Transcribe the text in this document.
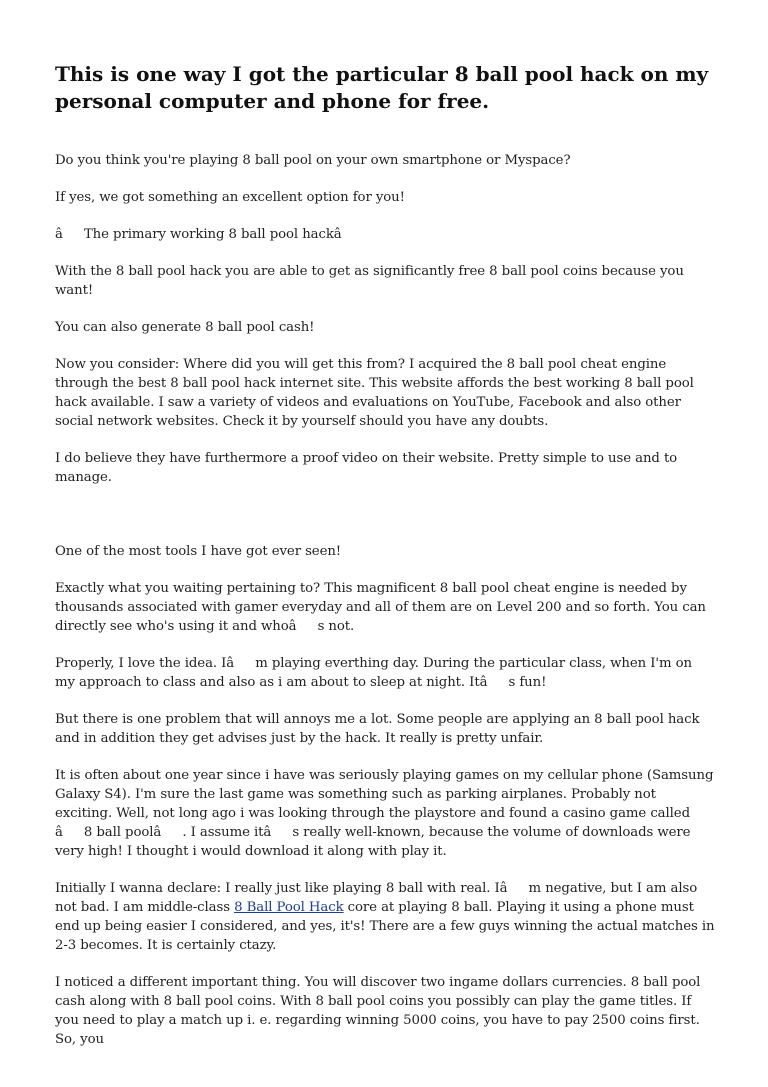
This is one way I got the particular 8 ball pool hack on my personal computer and phone for free.

Do you think you're playing 8 ball pool on your own smartphone or Myspace?

If yes, we got something an excellent option for you!

âThe primary working 8 ball pool hackâ

With the 8 ball pool hack you are able to get as significantly free 8 ball pool coins because you want!

You can also generate 8 ball pool cash!

Now you consider: Where did you will get this from? I acquired the 8 ball pool cheat engine through the best 8 ball pool hack internet site. This website affords the best working 8 ball pool hack available. I saw a variety of videos and evaluations on YouTube, Facebook and also other social network websites. Check it by yourself should you have any doubts.

I do believe they have furthermore a proof video on their website. Pretty simple to use and to manage.

One of the most tools I have got ever seen!

Exactly what you waiting pertaining to? This magnificent 8 ball pool cheat engine is needed by thousands associated with gamer everyday and all of them are on Level 200 and so forth. You can directly see who's using it and whoâs not.

Properly, I love the idea. Iâm playing everthing day. During the particular class, when I'm on my approach to class and also as i am about to sleep at night. Itâs fun!

But there is one problem that will annoys me a lot. Some people are applying an 8 ball pool hack and in addition they get advises just by the hack. It really is pretty unfair.

It is often about one year since i have was seriously playing games on my cellular phone (Samsung Galaxy S4). I'm sure the last game was something such as parking airplanes. Probably not exciting. Well, not long ago i was looking through the playstore and found a casino game called â8 ball poolâ. I assume itâs really well-known, because the volume of downloads were very high! I thought i would download it along with play it.

Initially I wanna declare: I really just like playing 8 ball with real. Iâm negative, but I am also not bad. I am middle-class 8 Ball Pool Hack core at playing 8 ball. Playing it using a phone must end up being easier I considered, and yes, it's! There are a few guys winning the actual matches in 2-3 becomes. It is certainly ctazy.

I noticed a different important thing. You will discover two ingame dollars currencies. 8 ball pool cash along with 8 ball pool coins. With 8 ball pool coins you possibly can play the game titles. If you need to play a match up i. e. regarding winning 5000 coins, you have to pay 2500 coins first. So, you
